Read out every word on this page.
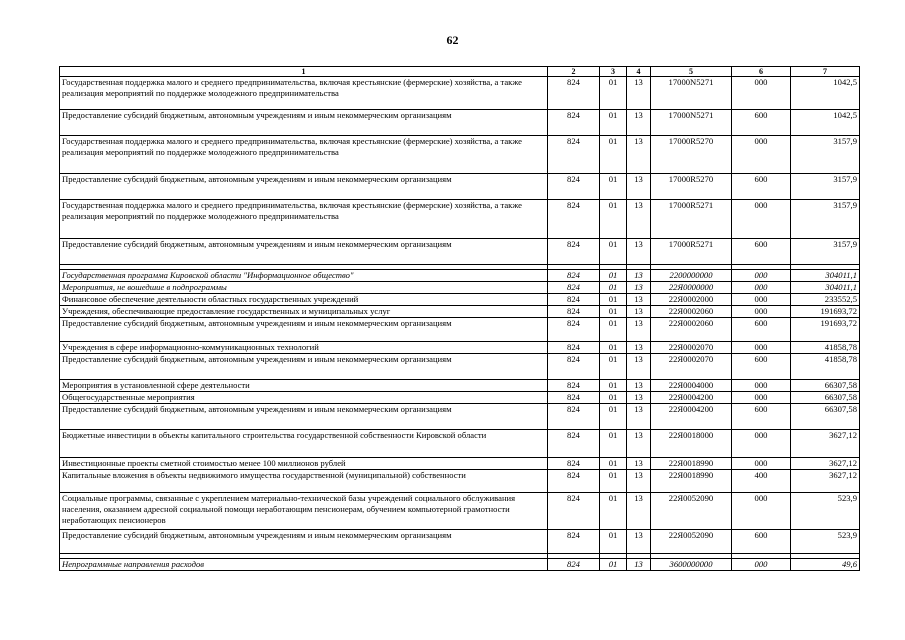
62
1	2	3	4	5	6	7
Государственная поддержка малого и среднего предпринимательства, включая крестьянские (фермерские) хозяйства, а также реализация мероприятий по поддержке молодежного предпринимательства	824	01	13	17000N5271	000	1042,5
Предоставление субсидий бюджетным, автономным учреждениям и иным некоммерческим организациям	824	01	13	17000N5271	600	1042,5
Государственная поддержка малого и среднего предпринимательства, включая крестьянские (фермерские) хозяйства, а также реализация мероприятий по поддержке молодежного предпринимательства	824	01	13	17000R5270	000	3157,9
Предоставление субсидий бюджетным, автономным учреждениям и иным некоммерческим организациям	824	01	13	17000R5270	600	3157,9
Государственная поддержка малого и среднего предпринимательства, включая крестьянские (фермерские) хозяйства, а также реализация мероприятий по поддержке молодежного предпринимательства	824	01	13	17000R5271	000	3157,9
Предоставление субсидий бюджетным, автономным учреждениям и иным некоммерческим организациям	824	01	13	17000R5271	600	3157,9

Государственная программа Кировской области "Информационное общество"	824	01	13	2200000000	000	304011,1
Мероприятия, не вошедшие в подпрограммы	824	01	13	22Я0000000	000	304011,1
Финансовое обеспечение деятельности областных государственных учреждений	824	01	13	22Я0002000	000	233552,5
Учреждения, обеспечивающие предоставление государственных и муниципальных услуг	824	01	13	22Я0002060	000	191693,72
Предоставление субсидий бюджетным, автономным учреждениям и иным некоммерческим организациям	824	01	13	22Я0002060	600	191693,72
Учреждения в сфере информационно-коммуникационных технологий	824	01	13	22Я0002070	000	41858,78
Предоставление субсидий бюджетным, автономным учреждениям и иным некоммерческим организациям	824	01	13	22Я0002070	600	41858,78
Мероприятия в установленной сфере деятельности	824	01	13	22Я0004000	000	66307,58
Общегосударственные мероприятия	824	01	13	22Я0004200	000	66307,58
Предоставление субсидий бюджетным, автономным учреждениям и иным некоммерческим организациям	824	01	13	22Я0004200	600	66307,58
Бюджетные инвестиции в объекты капитального строительства государственной собственности Кировской области	824	01	13	22Я0018000	000	3627,12
Инвестиционные проекты сметной стоимостью менее 100 миллионов рублей	824	01	13	22Я0018990	000	3627,12
Капитальные вложения в объекты недвижимого имущества государственной (муниципальной) собственности	824	01	13	22Я0018990	400	3627,12
Социальные программы, связанные с укреплением материально-технической базы учреждений социального обслуживания населения, оказанием адресной социальной помощи неработающим пенсионерам, обучением компьютерной грамотности неработающих пенсионеров	824	01	13	22Я0052090	000	523,9
Предоставление субсидий бюджетным, автономным учреждениям и иным некоммерческим организациям	824	01	13	22Я0052090	600	523,9

Непрограммные направления расходов	824	01	13	3600000000	000	49,6
